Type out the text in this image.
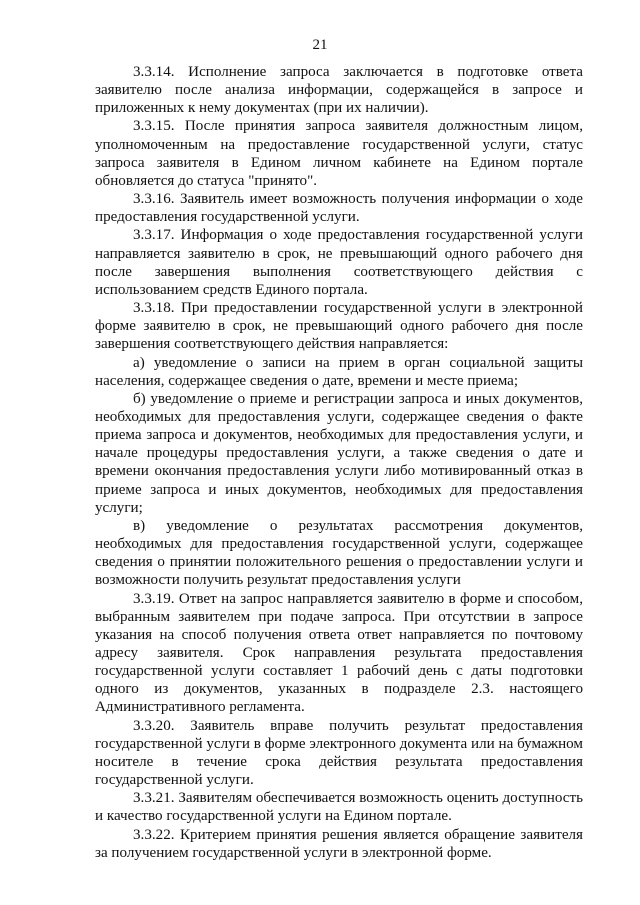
21

3.3.14. Исполнение запроса заключается в подготовке ответа заявителю после анализа информации, содержащейся в запросе и приложенных к нему документах (при их наличии).

3.3.15. После принятия запроса заявителя должностным лицом, уполномоченным на предоставление государственной услуги, статус запроса заявителя в Едином личном кабинете на Едином портале обновляется до статуса "принято".

3.3.16. Заявитель имеет возможность получения информации о ходе предоставления государственной услуги.

3.3.17. Информация о ходе предоставления государственной услуги направляется заявителю в срок, не превышающий одного рабочего дня после завершения выполнения соответствующего действия с использованием средств Единого портала.

3.3.18. При предоставлении государственной услуги в электронной форме заявителю в срок, не превышающий одного рабочего дня после завершения соответствующего действия направляется:

а) уведомление о записи на прием в орган социальной защиты населения, содержащее сведения о дате, времени и месте приема;

б) уведомление о приеме и регистрации запроса и иных документов, необходимых для предоставления услуги, содержащее сведения о факте приема запроса и документов, необходимых для предоставления услуги, и начале процедуры предоставления услуги, а также сведения о дате и времени окончания предоставления услуги либо мотивированный отказ в приеме запроса и иных документов, необходимых для предоставления услуги;

в) уведомление о результатах рассмотрения документов, необходимых для предоставления государственной услуги, содержащее сведения о принятии положительного решения о предоставлении услуги и возможности получить результат предоставления услуги

3.3.19. Ответ на запрос направляется заявителю в форме и способом, выбранным заявителем при подаче запроса. При отсутствии в запросе указания на способ получения ответа ответ направляется по почтовому адресу заявителя. Срок направления результата предоставления государственной услуги составляет 1 рабочий день с даты подготовки одного из документов, указанных в подразделе 2.3. настоящего Административного регламента.

3.3.20. Заявитель вправе получить результат предоставления государственной услуги в форме электронного документа или на бумажном носителе в течение срока действия результата предоставления государственной услуги.

3.3.21. Заявителям обеспечивается возможность оценить доступность и качество государственной услуги на Едином портале.

3.3.22. Критерием принятия решения является обращение заявителя за получением государственной услуги в электронной форме.
